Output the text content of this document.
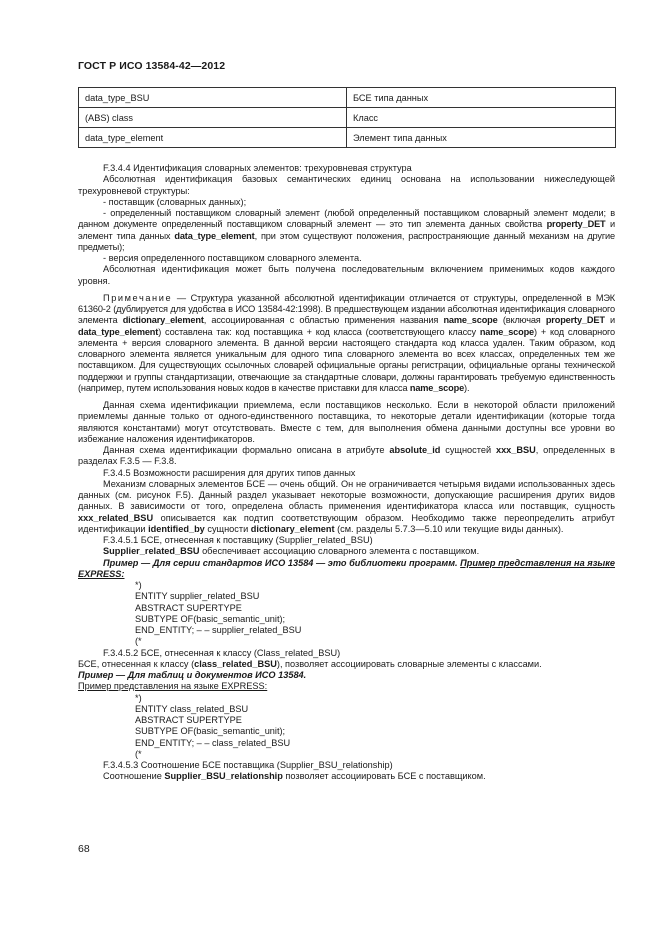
ГОСТ Р ИСО 13584-42—2012
data_type_BSU	БСЕ типа данных
(ABS) class	Класс
data_type_element	Элемент типа данных

F.3.4.4 Идентификация словарных элементов: трехуровневая структура

Абсолютная идентификация базовых семантических единиц основана на использовании нижеследующей трехуровневой структуры:

- поставщик (словарных данных);

- определенный поставщиком словарный элемент (любой определенный поставщиком словарный элемент модели; в данном документе определенный поставщиком словарный элемент — это тип элемента данных свойства property_DET и элемент типа данных data_type_element, при этом существуют положения, распространяющие данный механизм на другие предметы);

- версия определенного поставщиком словарного элемента.

Абсолютная идентификация может быть получена последовательным включением применимых кодов каждого уровня.

Примечание — Структура указанной абсолютной идентификации отличается от структуры, определенной в МЭК 61360-2 (дублируется для удобства в ИСО 13584-42:1998). В предшествующем издании абсолютная идентификация словарного элемента dictionary_element, ассоциированная с областью применения названия name_scope (включая property_DET и data_type_element) составлена так: код поставщика + код класса (соответствующего классу name_scope) + код словарного элемента + версия словарного элемента. В данной версии настоящего стандарта код класса удален. Таким образом, код словарного элемента является уникальным для одного типа словарного элемента во всех классах, определенных тем же поставщиком. Для существующих ссылочных словарей официальные органы регистрации, официальные органы технической поддержки и группы стандартизации, отвечающие за стандартные словари, должны гарантировать требуемую единственность (например, путем использования новых кодов в качестве приставки для класса name_scope).

Данная схема идентификации приемлема, если поставщиков несколько. Если в некоторой области приложений приемлемы данные только от одного-единственного поставщика, то некоторые детали идентификации (которые тогда являются константами) могут отсутствовать. Вместе с тем, для выполнения обмена данными доступны все уровни во избежание наложения идентификаторов.

Данная схема идентификации формально описана в атрибуте absolute_id сущностей xxx_BSU, определенных в разделах F.3.5 — F.3.8.

F.3.4.5 Возможности расширения для других типов данных

Механизм словарных элементов БСЕ — очень общий. Он не ограничивается четырьмя видами использованных здесь данных (см. рисунок F.5). Данный раздел указывает некоторые возможности, допускающие расширения других видов данных. В зависимости от того, определена область применения идентификатора класса или поставщик, сущность xxx_related_BSU описывается как подтип соответствующим образом. Необходимо также переопределить атрибут идентификации identified_by сущности dictionary_element (см. разделы 5.7.3—5.10 или текущие виды данных).

F.3.4.5.1 БСЕ, отнесенная к поставщику (Supplier_related_BSU)

Supplier_related_BSU обеспечивает ассоциацию словарного элемента с поставщиком.

Пример — Для серии стандартов ИСО 13584 — это библиотеки программ. Пример представления на языке EXPRESS:

*)
ENTITY supplier_related_BSU
ABSTRACT SUPERTYPE
SUBTYPE OF(basic_semantic_unit);
END_ENTITY; – – supplier_related_BSU
(*

F.3.4.5.2 БСЕ, отнесенная к классу (Class_related_BSU)

БСЕ, отнесенная к классу (class_related_BSU), позволяет ассоциировать словарные элементы с классами.

Пример — Для таблиц и документов ИСО 13584.

Пример представления на языке EXPRESS:

*)
ENTITY class_related_BSU
ABSTRACT SUPERTYPE
SUBTYPE OF(basic_semantic_unit);
END_ENTITY; – – class_related_BSU
(*

F.3.4.5.3 Соотношение БСЕ поставщика (Supplier_BSU_relationship)

Соотношение Supplier_BSU_relationship позволяет ассоциировать БСЕ с поставщиком.

68
